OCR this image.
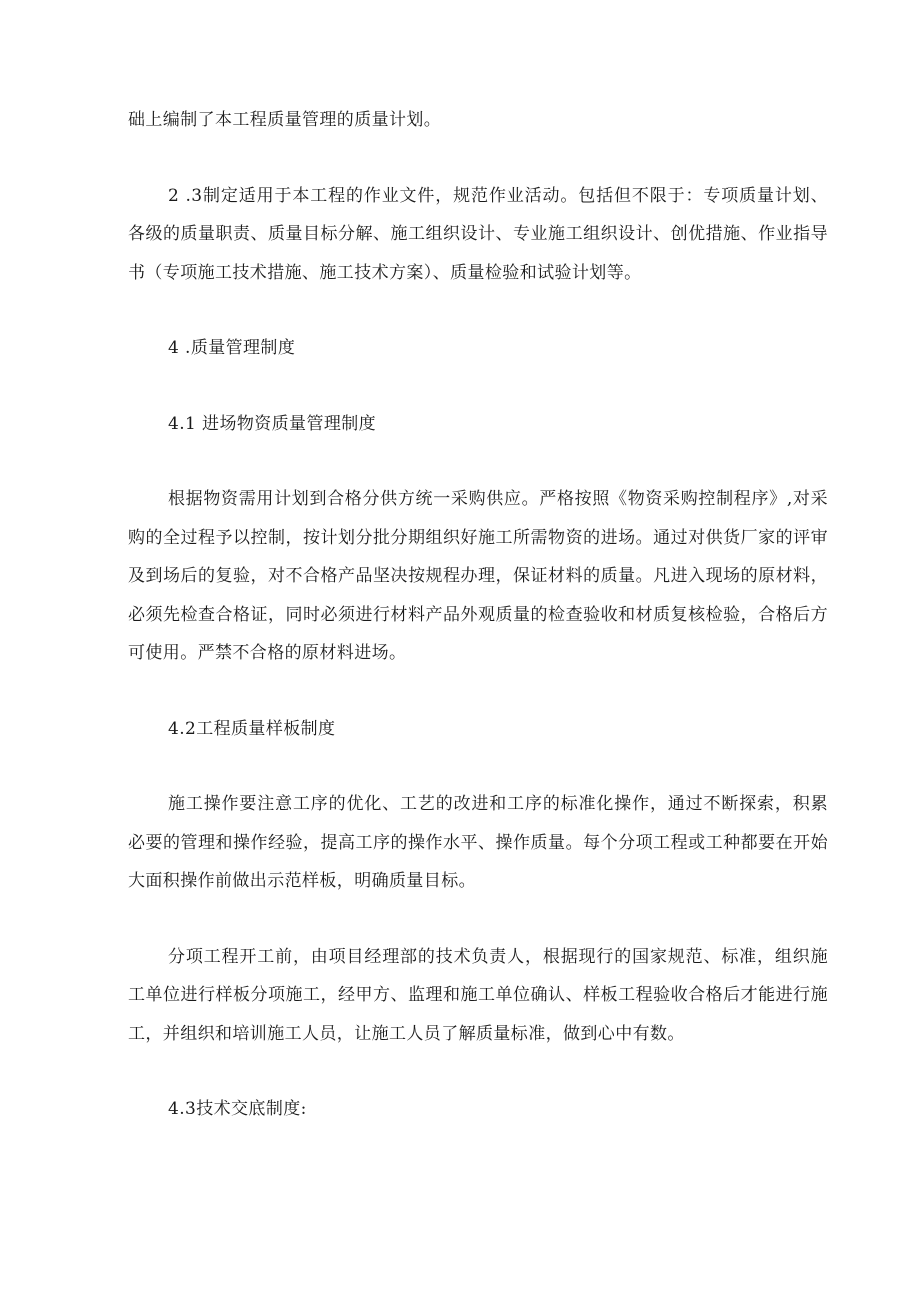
础上编制了本工程质量管理的质量计划。

2 .3制定适用于本工程的作业文件，规范作业活动。包括但不限于：专项质量计划、各级的质量职责、质量目标分解、施工组织设计、专业施工组织设计、创优措施、作业指导书（专项施工技术措施、施工技术方案）、质量检验和试验计划等。

4 .质量管理制度

4.1 进场物资质量管理制度

根据物资需用计划到合格分供方统一采购供应。严格按照《物资采购控制程序》,对采购的全过程予以控制，按计划分批分期组织好施工所需物资的进场。通过对供货厂家的评审及到场后的复验，对不合格产品坚决按规程办理，保证材料的质量。凡进入现场的原材料，必须先检查合格证，同时必须进行材料产品外观质量的检查验收和材质复核检验，合格后方可使用。严禁不合格的原材料进场。

4.2工程质量样板制度

施工操作要注意工序的优化、工艺的改进和工序的标准化操作，通过不断探索，积累必要的管理和操作经验，提高工序的操作水平、操作质量。每个分项工程或工种都要在开始大面积操作前做出示范样板，明确质量目标。

分项工程开工前，由项目经理部的技术负责人，根据现行的国家规范、标准，组织施工单位进行样板分项施工，经甲方、监理和施工单位确认、样板工程验收合格后才能进行施工，并组织和培训施工人员，让施工人员了解质量标准，做到心中有数。

4.3技术交底制度:
